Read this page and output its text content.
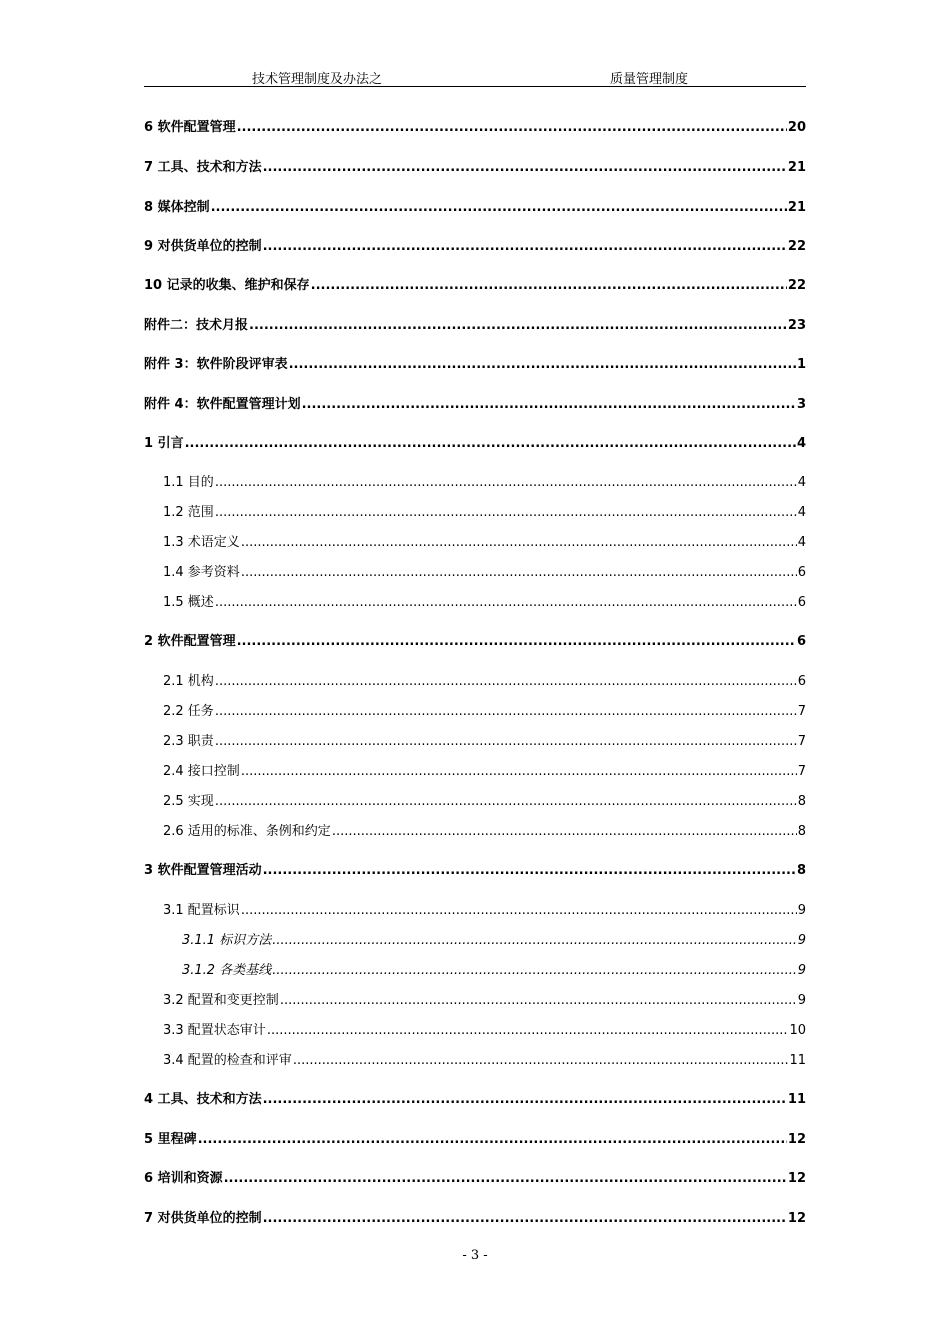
技术管理制度及办法之	质量管理制度
6 软件配置管理 .....	20
7 工具、技术和方法 .....	21
8 媒体控制 .....	21
9 对供货单位的控制 .....	22
10 记录的收集、维护和保存 .....	22
附件二：技术月报 .....	23
附件 3：软件阶段评审表 .....	1
附件 4：软件配置管理计划 .....	3
1 引言 .....	4
1.1 目的 .....	4
1.2 范围 .....	4
1.3 术语定义 .....	4
1.4 参考资料 .....	6
1.5 概述 .....	6
2 软件配置管理 .....	6
2.1 机构 .....	6
2.2 任务 .....	7
2.3 职责 .....	7
2.4 接口控制 .....	7
2.5 实现 .....	8
2.6 适用的标准、条例和约定 .....	8
3 软件配置管理活动 .....	8
3.1 配置标识 .....	9
3.1.1 标识方法 .....	9
3.1.2 各类基线 .....	9
3.2 配置和变更控制 .....	9
3.3 配置状态审计 .....	10
3.4 配置的检查和评审 .....	11
4 工具、技术和方法 .....	11
5 里程碑 .....	12
6 培训和资源 .....	12
7 对供货单位的控制 .....	12
- 3 -
